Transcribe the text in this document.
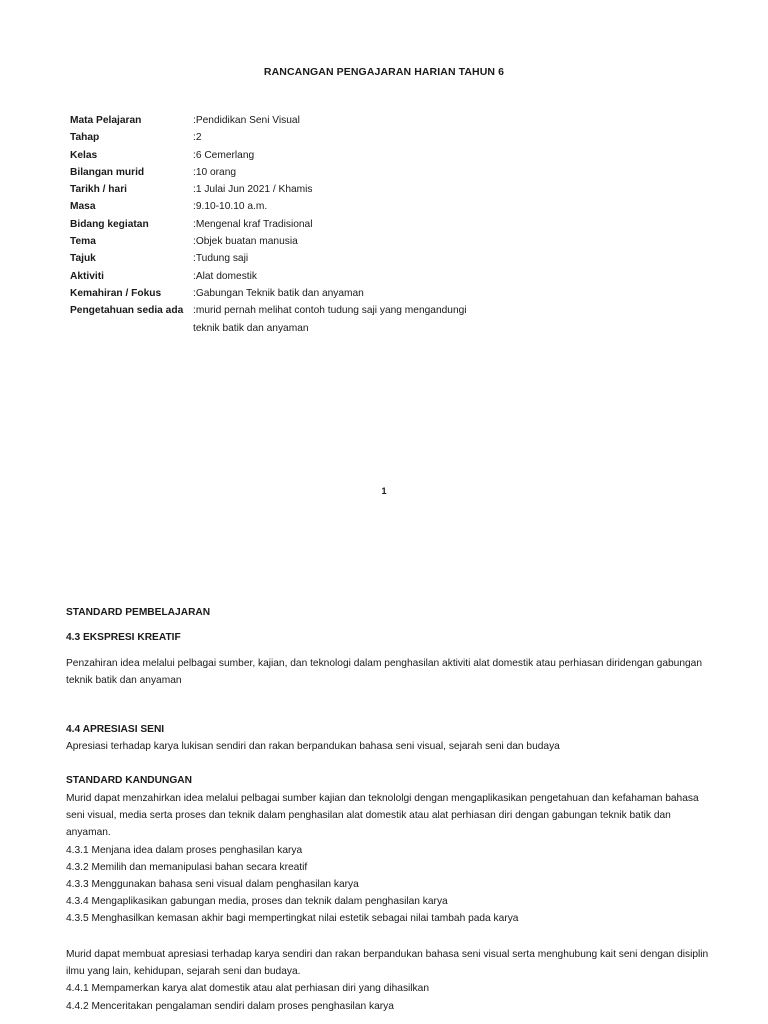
RANCANGAN PENGAJARAN HARIAN TAHUN 6
Mata Pelajaran	:Pendidikan Seni Visual
Tahap	:2
Kelas	:6 Cemerlang
Bilangan murid	:10 orang
Tarikh / hari	:1 Julai Jun 2021 / Khamis
Masa	:9.10-10.10 a.m.
Bidang kegiatan	:Mengenal kraf Tradisional
Tema	:Objek buatan manusia
Tajuk	:Tudung saji
Aktiviti	:Alat domestik
Kemahiran / Fokus	:Gabungan Teknik batik dan anyaman
Pengetahuan sedia ada :murid pernah melihat contoh tudung saji yang mengandungi
teknik batik dan anyaman
1
STANDARD PEMBELAJARAN
4.3 EKSPRESI KREATIF
Penzahiran idea melalui pelbagai sumber, kajian, dan teknologi dalam penghasilan aktiviti alat domestik atau perhiasan diridengan gabungan
teknik batik dan anyaman
4.4 APRESIASI SENI
Apresiasi terhadap karya lukisan sendiri dan rakan berpandukan bahasa seni visual, sejarah seni dan budaya
STANDARD KANDUNGAN
Murid dapat menzahirkan idea melalui pelbagai sumber kajian dan teknololgi dengan mengaplikasikan pengetahuan dan kefahaman bahasa
seni visual, media serta proses dan teknik dalam penghasilan alat domestik atau alat perhiasan diri dengan gabungan teknik batik dan
anyaman.
4.3.1 Menjana idea dalam proses penghasilan karya
4.3.2 Memilih dan memanipulasi bahan secara kreatif
4.3.3 Menggunakan bahasa seni visual dalam penghasilan karya
4.3.4 Mengaplikasikan gabungan media, proses dan teknik dalam penghasilan karya
4.3.5 Menghasilkan kemasan akhir bagi mempertingkat nilai estetik sebagai nilai tambah pada karya
Murid dapat membuat apresiasi terhadap karya sendiri dan rakan berpandukan bahasa seni visual serta menghubung kait seni dengan disiplin
ilmu yang lain, kehidupan, sejarah seni dan budaya.
4.4.1 Mempamerkan karya alat domestik atau alat perhiasan diri yang dihasilkan
4.4.2 Menceritakan pengalaman sendiri dalam proses penghasilan karya
